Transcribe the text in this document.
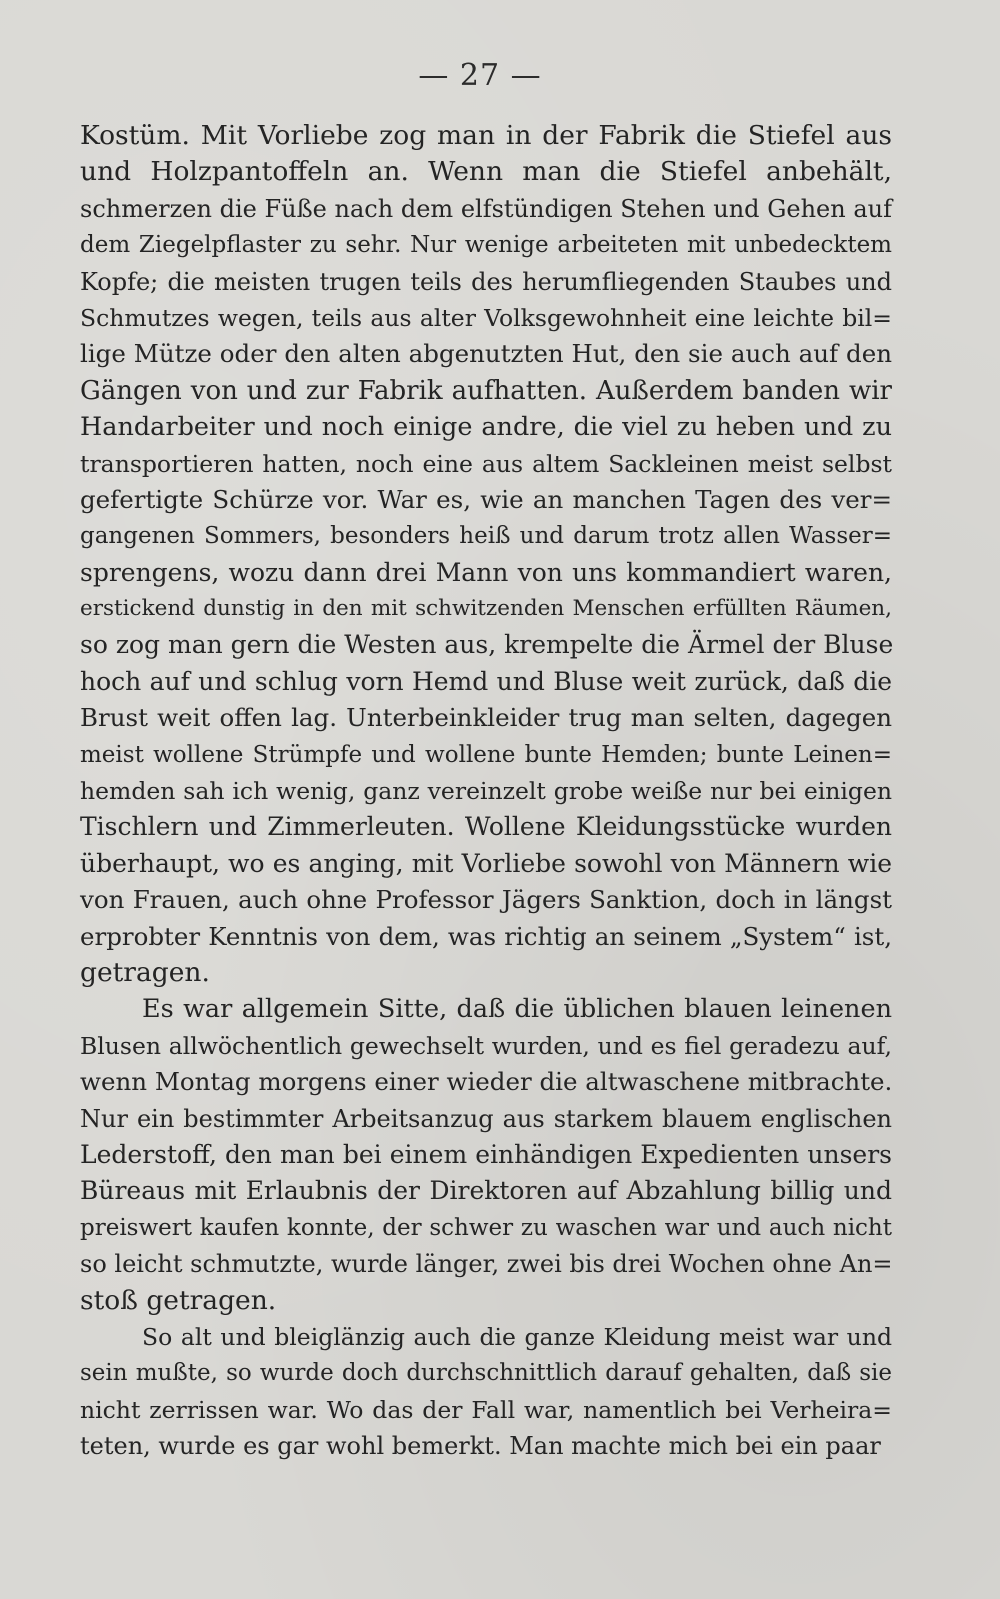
— 27 —
Kostüm. Mit Vorliebe zog man in der Fabrik die Stiefel aus
und Holzpantoffeln an. Wenn man die Stiefel anbehält,
schmerzen die Füße nach dem elfstündigen Stehen und Gehen auf
dem Ziegelpflaster zu sehr. Nur wenige arbeiteten mit unbedecktem
Kopfe; die meisten trugen teils des herumfliegenden Staubes und
Schmutzes wegen, teils aus alter Volksgewohnheit eine leichte bil=
lige Mütze oder den alten abgenutzten Hut, den sie auch auf den
Gängen von und zur Fabrik aufhatten. Außerdem banden wir
Handarbeiter und noch einige andre, die viel zu heben und zu
transportieren hatten, noch eine aus altem Sackleinen meist selbst
gefertigte Schürze vor. War es, wie an manchen Tagen des ver=
gangenen Sommers, besonders heiß und darum trotz allen Wasser=
sprengens, wozu dann drei Mann von uns kommandiert waren,
erstickend dunstig in den mit schwitzenden Menschen erfüllten Räumen,
so zog man gern die Westen aus, krempelte die Ärmel der Bluse
hoch auf und schlug vorn Hemd und Bluse weit zurück, daß die
Brust weit offen lag. Unterbeinkleider trug man selten, dagegen
meist wollene Strümpfe und wollene bunte Hemden; bunte Leinen=
hemden sah ich wenig, ganz vereinzelt grobe weiße nur bei einigen
Tischlern und Zimmerleuten. Wollene Kleidungsstücke wurden
überhaupt, wo es anging, mit Vorliebe sowohl von Männern wie
von Frauen, auch ohne Professor Jägers Sanktion, doch in längst
erprobter Kenntnis von dem, was richtig an seinem „System“ ist,
getragen.
Es war allgemein Sitte, daß die üblichen blauen leinenen
Blusen allwöchentlich gewechselt wurden, und es fiel geradezu auf,
wenn Montag morgens einer wieder die altwaschene mitbrachte.
Nur ein bestimmter Arbeitsanzug aus starkem blauem englischen
Lederstoff, den man bei einem einhändigen Expedienten unsers
Büreaus mit Erlaubnis der Direktoren auf Abzahlung billig und
preiswert kaufen konnte, der schwer zu waschen war und auch nicht
so leicht schmutzte, wurde länger, zwei bis drei Wochen ohne An=
stoß getragen.
So alt und bleiglänzig auch die ganze Kleidung meist war und
sein mußte, so wurde doch durchschnittlich darauf gehalten, daß sie
nicht zerrissen war. Wo das der Fall war, namentlich bei Verheira=
teten, wurde es gar wohl bemerkt. Man machte mich bei ein paar
